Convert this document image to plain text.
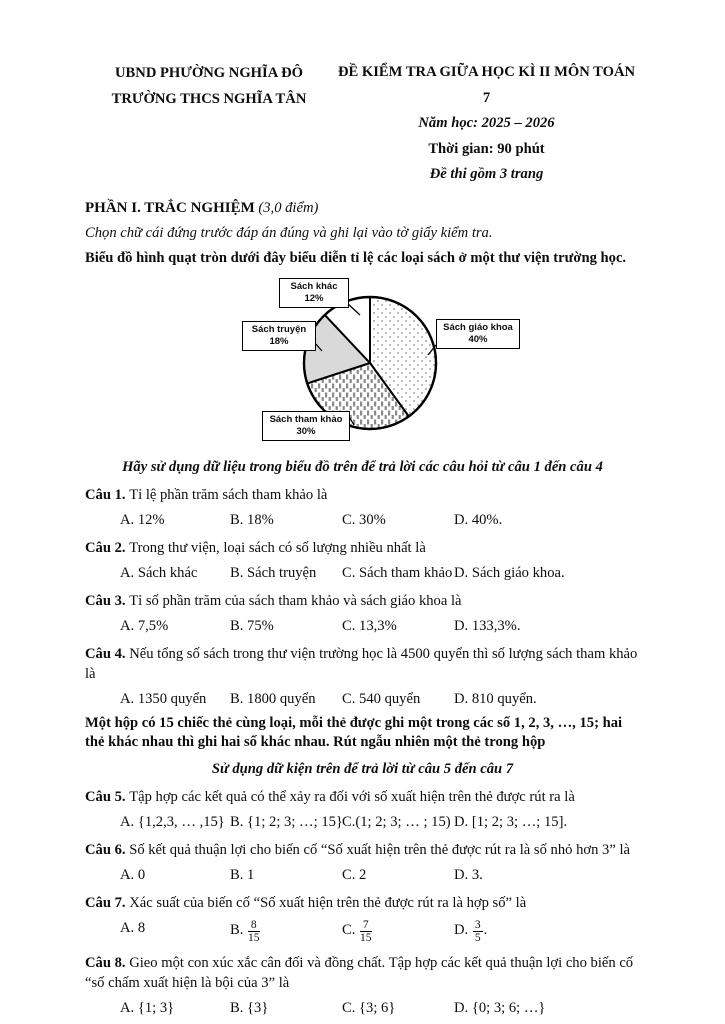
UBND PHƯỜNG NGHĨA ĐÔ
TRƯỜNG THCS NGHĨA TÂN
ĐỀ KIỂM TRA GIỮA HỌC KÌ II MÔN TOÁN 7
Năm học: 2025 – 2026
Thời gian: 90 phút
Đề thi gồm 3 trang
PHẦN I. TRẮC NGHIỆM (3,0 điểm)
Chọn chữ cái đứng trước đáp án đúng và ghi lại vào tờ giấy kiểm tra.
Biểu đồ hình quạt tròn dưới đây biểu diễn tỉ lệ các loại sách ở một thư viện trường học.
Sách giáo khoa
40%
Sách tham khảo
30%
Sách truyện
18%
Sách khác
12%
Hãy sử dụng dữ liệu trong biểu đồ trên để trả lời các câu hỏi từ câu 1 đến câu 4
Câu 1. Tỉ lệ phần trăm sách tham khảo là
A. 12%	B. 18%	C. 30%	D. 40%.
Câu 2. Trong thư viện, loại sách có số lượng nhiều nhất là
A. Sách khác	B. Sách truyện	C. Sách tham khảo D. Sách giáo khoa.
Câu 3. Tỉ số phần trăm của sách tham khảo và sách giáo khoa là
A. 7,5%	B. 75%	C. 13,3%	D. 133,3%.
Câu 4. Nếu tổng số sách trong thư viện trường học là 4500 quyển thì số lượng sách tham khảo là
A. 1350 quyển	B. 1800 quyển	C. 540 quyển	D. 810 quyển.
Một hộp có 15 chiếc thẻ cùng loại, mỗi thẻ được ghi một trong các số 1, 2, 3, …, 15; hai thẻ khác nhau thì ghi hai số khác nhau. Rút ngẫu nhiên một thẻ trong hộp
Sử dụng dữ kiện trên để trả lời từ câu 5 đến câu 7
Câu 5. Tập hợp các kết quả có thể xảy ra đối với số xuất hiện trên thẻ được rút ra là
A. {1,2,3, … ,15} B. {1; 2; 3; …; 15} C.(1; 2; 3; … ; 15) D. [1; 2; 3; …; 15].
Câu 6. Số kết quả thuận lợi cho biến cố “Số xuất hiện trên thẻ được rút ra là số nhỏ hơn 3” là
A. 0	B. 1	C. 2	D. 3.
Câu 7. Xác suất của biến cố “Số xuất hiện trên thẻ được rút ra là hợp số” là
A. 8	B. $\frac{8}{15}$	C. $\frac{7}{15}$	D. $\frac{3}{5}$ .
Câu 8. Gieo một con xúc xắc cân đối và đồng chất. Tập hợp các kết quả thuận lợi cho biến cố “số chấm xuất hiện là bội của 3” là
A. {1; 3}	B. {3}	C. {3; 6}	D. {0; 3; 6; …}
